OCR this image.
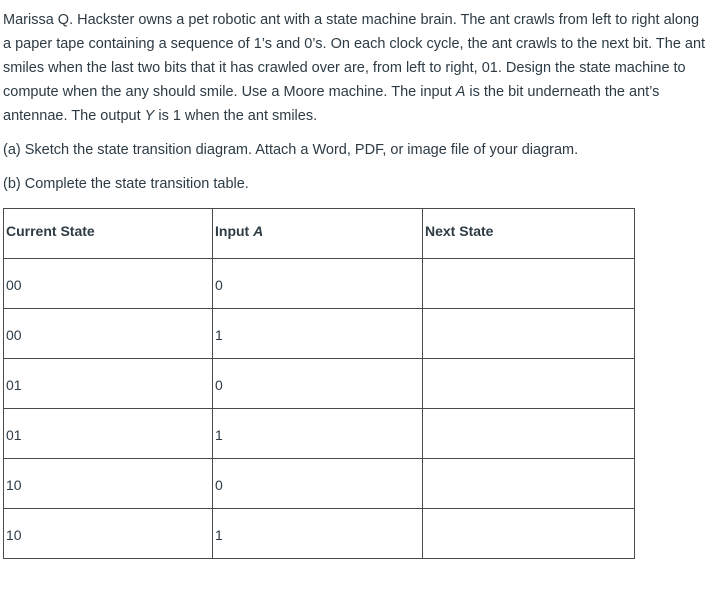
Marissa Q. Hackster owns a pet robotic ant with a state machine brain. The ant crawls from left to right along a paper tape containing a sequence of 1’s and 0’s. On each clock cycle, the ant crawls to the next bit. The ant smiles when the last two bits that it has crawled over are, from left to right, 01. Design the state machine to compute when the any should smile. Use a Moore machine. The input A is the bit underneath the ant’s antennae. The output Y is 1 when the ant smiles.

(a) Sketch the state transition diagram. Attach a Word, PDF, or image file of your diagram.

(b) Complete the state transition table.

Current State	Input A	Next State
00	0	
00	1	
01	0	
01	1	
10	0	
10	1	
